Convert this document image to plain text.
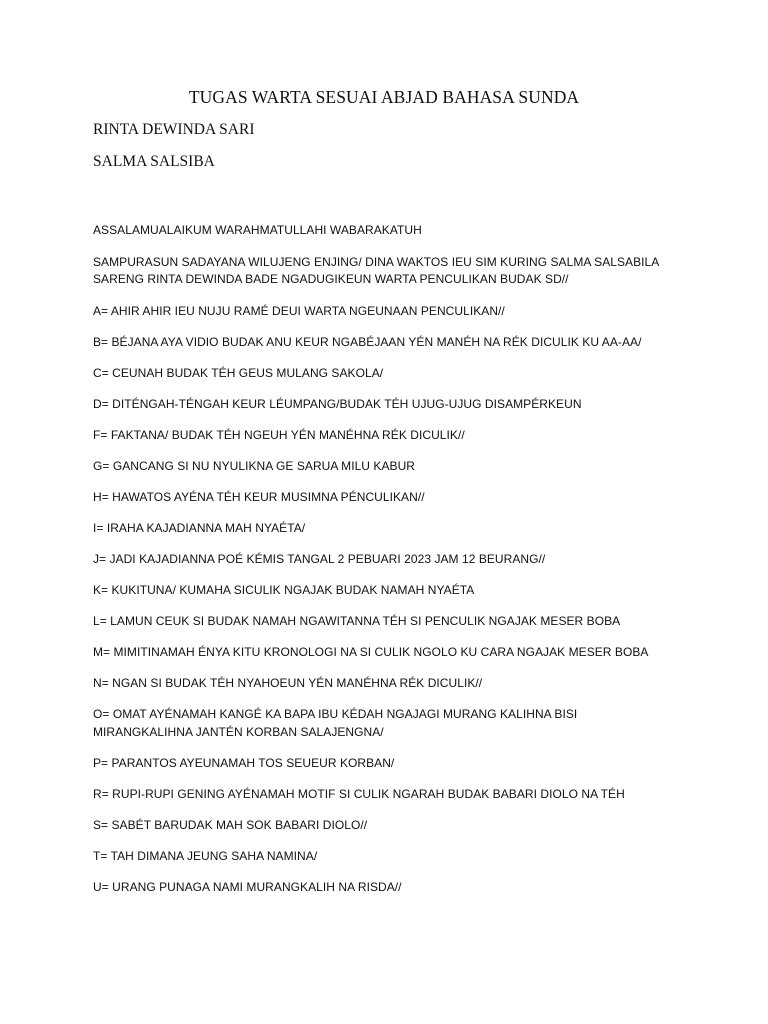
TUGAS WARTA SESUAI ABJAD BAHASA SUNDA
RINTA DEWINDA SARI
SALMA SALSIBA
ASSALAMUALAIKUM WARAHMATULLAHI WABARAKATUH
SAMPURASUN SADAYANA WILUJENG ENJING/ DINA WAKTOS IEU SIM KURING SALMA SALSABILA
SARENG RINTA DEWINDA BADE NGADUGIKEUN WARTA PENCULIKAN BUDAK SD//
A= AHIR AHIR IEU NUJU RAMÉ DEUI WARTA NGEUNAAN PENCULIKAN//
B= BÉJANA AYA VIDIO BUDAK ANU KEUR NGABÉJAAN YÉN MANÉH NA RÉK DICULIK KU AA-AA/
C= CEUNAH BUDAK TÉH GEUS MULANG SAKOLA/
D= DITÉNGAH-TÉNGAH KEUR LÉUMPANG/BUDAK TÉH UJUG-UJUG DISAMPÉRKEUN
F= FAKTANA/ BUDAK TÉH NGEUH YÉN MANÉHNA RÉK DICULIK//
G= GANCANG SI NU NYULIKNA GE SARUA MILU KABUR
H= HAWATOS AYÉNA TÉH KEUR MUSIMNA PÉNCULIKAN//
I= IRAHA KAJADIANNA MAH NYAÉTA/
J= JADI KAJADIANNA POÉ KÉMIS TANGAL 2 PEBUARI 2023 JAM 12 BEURANG//
K= KUKITUNA/ KUMAHA SICULIK NGAJAK BUDAK NAMAH NYAÉTA
L= LAMUN CEUK SI BUDAK NAMAH NGAWITANNA TÉH SI PENCULIK NGAJAK MESER BOBA
M= MIMITINAMAH ÉNYA KITU KRONOLOGI NA SI CULIK NGOLO KU CARA NGAJAK MESER BOBA
N= NGAN SI BUDAK TÉH NYAHOEUN YÉN MANÉHNA RÉK DICULIK//
O= OMAT AYÉNAMAH KANGÉ KA BAPA IBU KÉDAH NGAJAGI MURANG KALIHNA BISI
MIRANGKALIHNA JANTÉN KORBAN SALAJENGNA/
P= PARANTOS AYEUNAMAH TOS SEUEUR KORBAN/
R= RUPI-RUPI GENING AYÉNAMAH MOTIF SI CULIK NGARAH BUDAK BABARI DIOLO NA TÉH
S= SABÉT BARUDAK MAH SOK BABARI DIOLO//
T= TAH DIMANA JEUNG SAHA NAMINA/
U= URANG PUNAGA NAMI MURANGKALIH NA RISDA//
